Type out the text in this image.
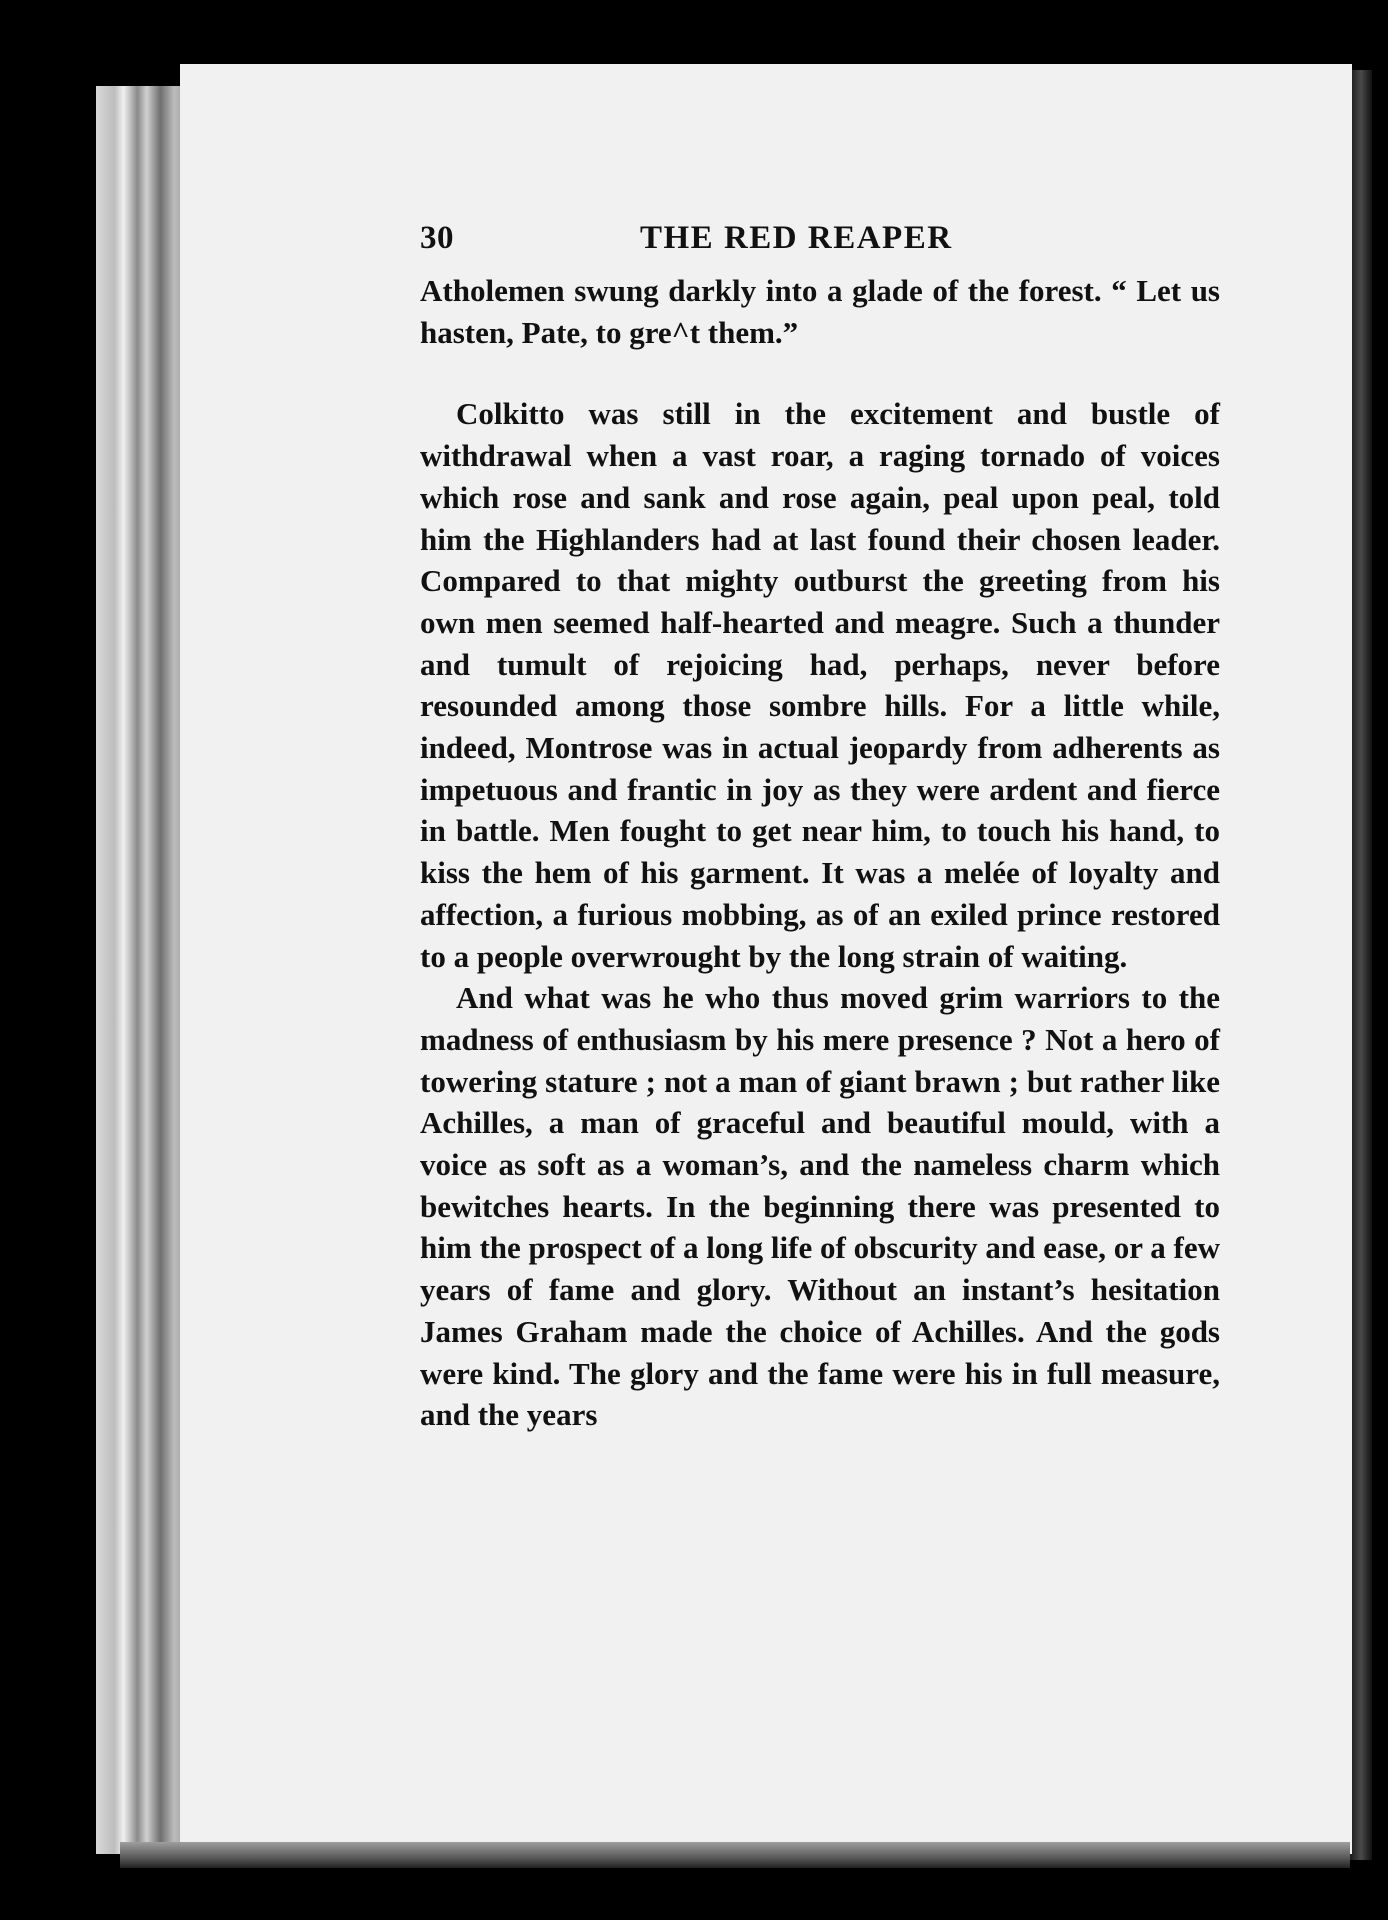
30	THE RED REAPER

Atholemen swung darkly into a glade of the forest. “ Let us hasten, Pate, to gre^t them.”

Colkitto was still in the excitement and bustle of withdrawal when a vast roar, a raging tornado of voices which rose and sank and rose again, peal upon peal, told him the Highlanders had at last found their chosen leader. Compared to that mighty outburst the greeting from his own men seemed half-hearted and meagre. Such a thunder and tumult of rejoicing had, perhaps, never before resounded among those sombre hills. For a little while, indeed, Montrose was in actual jeopardy from adherents as impetuous and frantic in joy as they were ardent and fierce in battle. Men fought to get near him, to touch his hand, to kiss the hem of his garment. It was a melée of loyalty and affection, a furious mobbing, as of an exiled prince restored to a people overwrought by the long strain of waiting.

And what was he who thus moved grim warriors to the madness of enthusiasm by his mere presence ? Not a hero of towering stature ; not a man of giant brawn ; but rather like Achilles, a man of graceful and beautiful mould, with a voice as soft as a woman’s, and the nameless charm which bewitches hearts. In the beginning there was presented to him the prospect of a long life of obscurity and ease, or a few years of fame and glory. Without an instant’s hesitation James Graham made the choice of Achilles. And the gods were kind. The glory and the fame were his in full measure, and the years
